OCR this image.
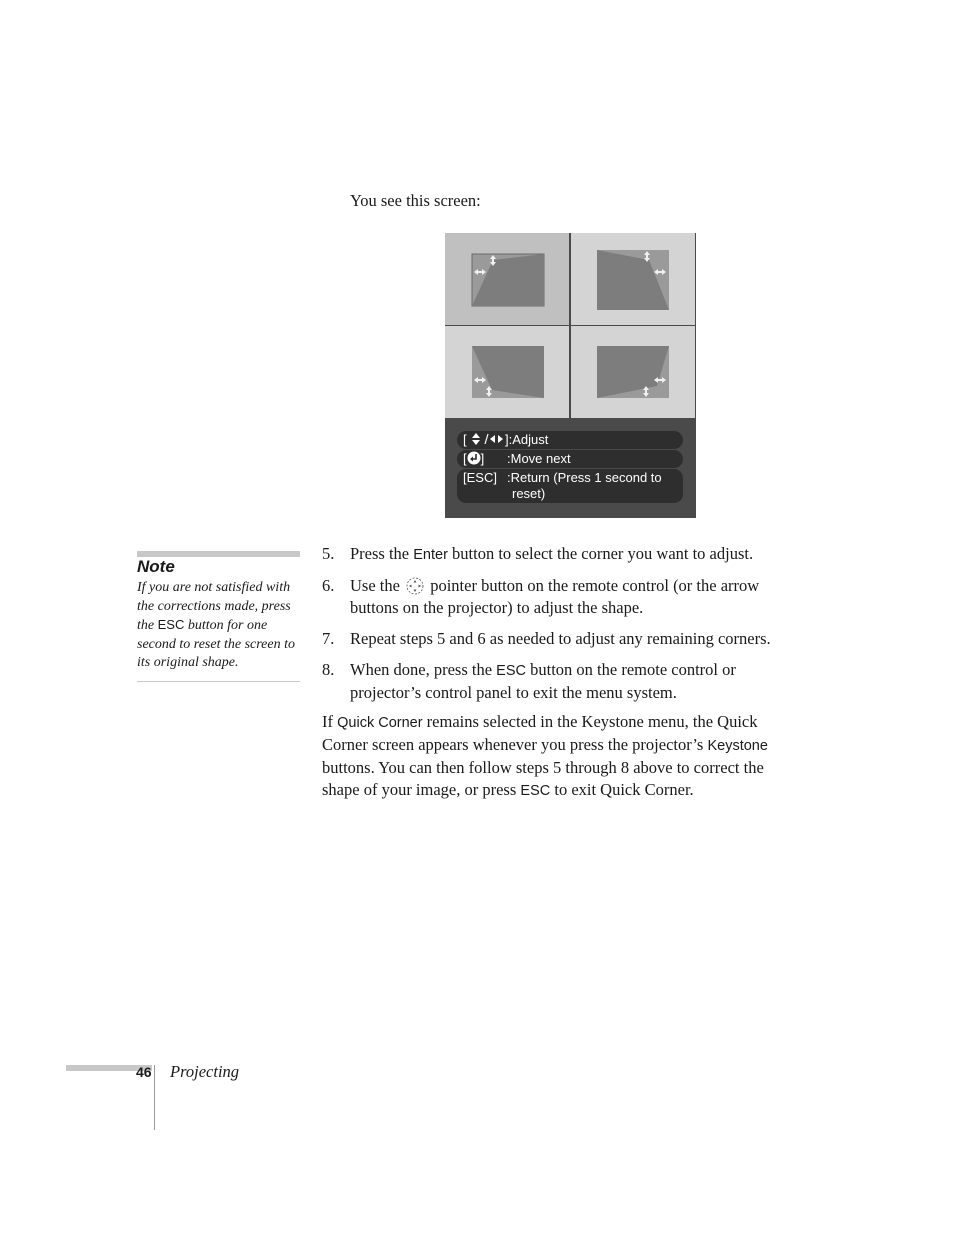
You see this screen:
[	]:Adjust
[ ] :Move next
[ESC] :Return (Press 1 second to
reset)
Note
If you are not satisfied with the corrections made, press the ESC button for one second to reset the screen to its original shape.
5. Press the Enter button to select the corner you want to adjust.
6. Use the  pointer button on the remote control (or the arrow buttons on the projector) to adjust the shape.
7. Repeat steps 5 and 6 as needed to adjust any remaining corners.
8. When done, press the ESC button on the remote control or projector’s control panel to exit the menu system.
If Quick Corner remains selected in the Keystone menu, the Quick Corner screen appears whenever you press the projector’s Keystone buttons. You can then follow steps 5 through 8 above to correct the shape of your image, or press ESC to exit Quick Corner.
46 Projecting
